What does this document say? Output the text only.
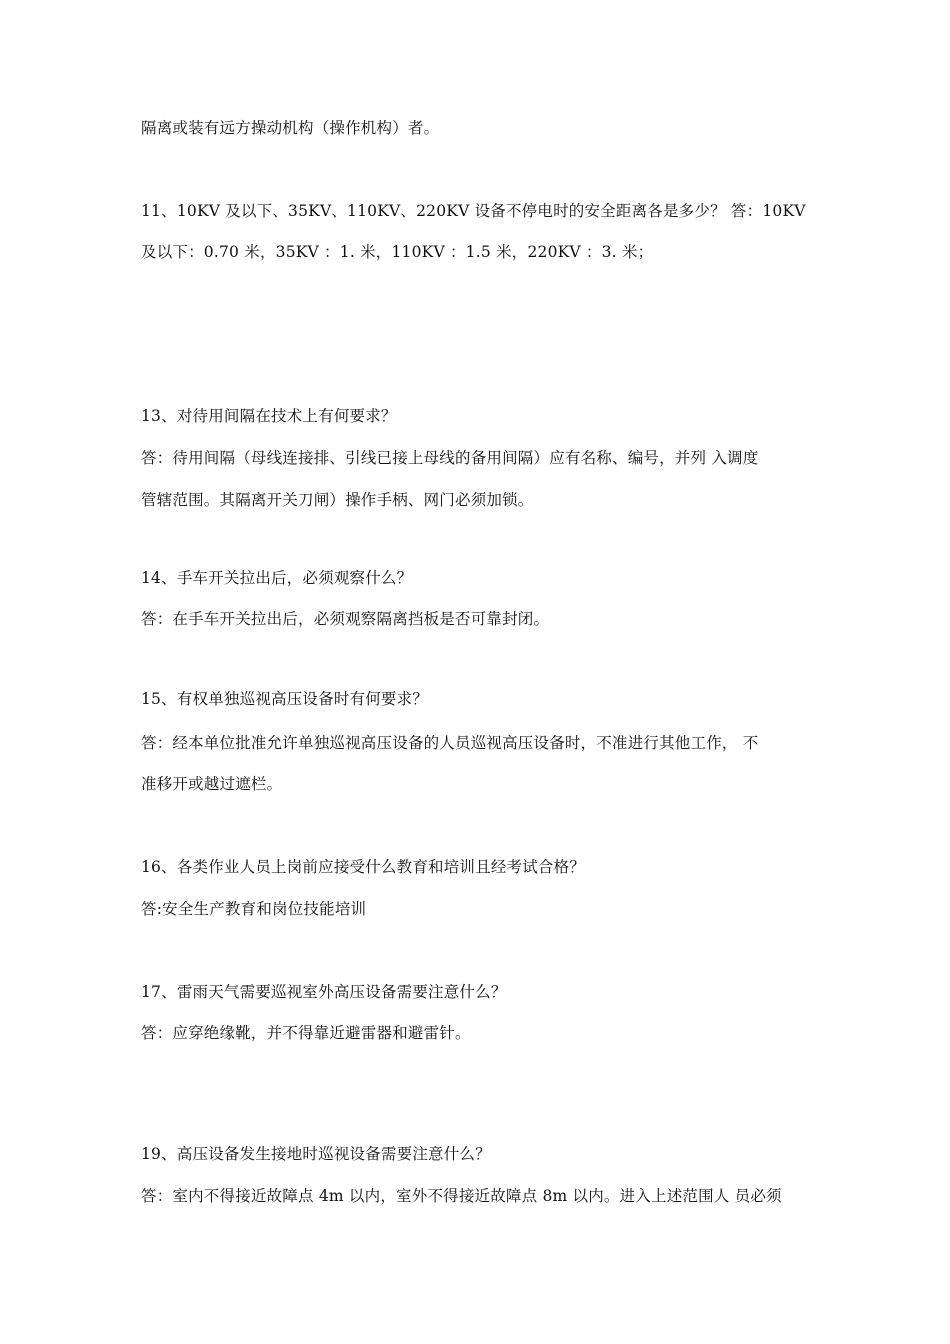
隔离或装有远方操动机构（操作机构）者。
11、10KV 及以下、35KV、110KV、220KV 设备不停电时的安全距离各是多少？ 答：10KV
及以下：0.70 米，35KV ：1. 米，110KV ：1.5 米，220KV ：3. 米；
13、对待用间隔在技术上有何要求？
答：待用间隔（母线连接排、引线已接上母线的备用间隔）应有名称、编号，并列 入调度
管辖范围。其隔离开关刀闸）操作手柄、网门必须加锁。
14、手车开关拉出后，必须观察什么？
答：在手车开关拉出后，必须观察隔离挡板是否可靠封闭。
15、有权单独巡视高压设备时有何要求？
答：经本单位批准允许单独巡视高压设备的人员巡视高压设备时，不准进行其他工作， 不
准移开或越过遮栏。
16、各类作业人员上岗前应接受什么教育和培训且经考试合格？
答:安全生产教育和岗位技能培训
17、雷雨天气需要巡视室外高压设备需要注意什么？
答：应穿绝缘靴，并不得靠近避雷器和避雷针。
19、高压设备发生接地时巡视设备需要注意什么？
答：室内不得接近故障点 4m 以内，室外不得接近故障点 8m 以内。进入上述范围人 员必须
